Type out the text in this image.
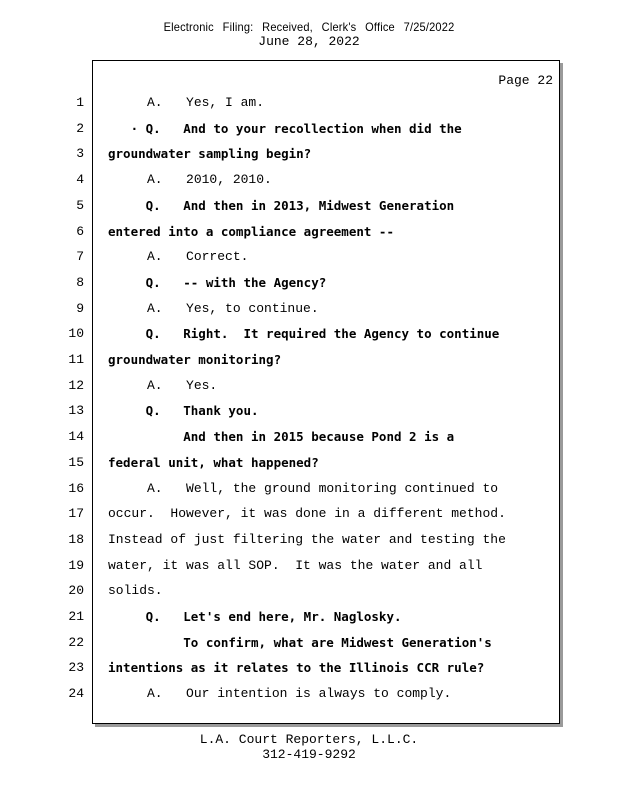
Electronic Filing: Received, Clerk's Office 7/25/2022
June 28, 2022
Page 22
1 A.   Yes, I am.
2 · Q.   And to your recollection when did the
3 groundwater sampling begin?
4 A.   2010, 2010.
5 Q.   And then in 2013, Midwest Generation
6 entered into a compliance agreement --
7 A.   Correct.
8 Q.   -- with the Agency?
9 A.   Yes, to continue.
10 Q.   Right.  It required the Agency to continue
11 groundwater monitoring?
12 A.   Yes.
13 Q.   Thank you.
14 And then in 2015 because Pond 2 is a
15 federal unit, what happened?
16 A.   Well, the ground monitoring continued to
17 occur.  However, it was done in a different method.
18 Instead of just filtering the water and testing the
19 water, it was all SOP.  It was the water and all
20 solids.
21 Q.   Let's end here, Mr. Naglosky.
22 To confirm, what are Midwest Generation's
23 intentions as it relates to the Illinois CCR rule?
24 A.   Our intention is always to comply.
L.A. Court Reporters, L.L.C.
312-419-9292
